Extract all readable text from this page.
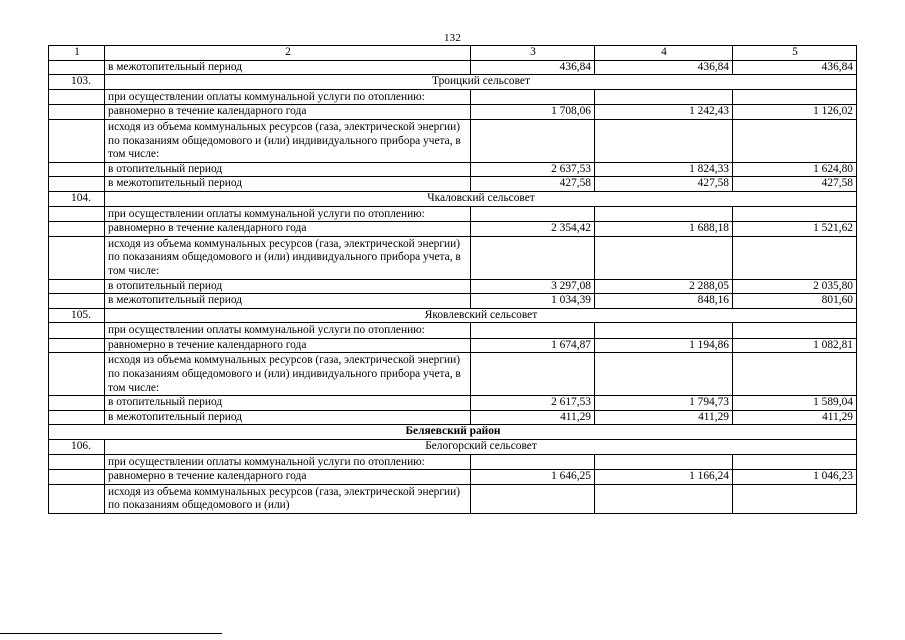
132
1	2	3	4	5
	в межотопительный период	436,84	436,84	436,84
103.	Троицкий сельсовет			
	при осуществлении оплаты коммунальной услуги по отоплению:			
	равномерно в течение календарного года	1 708,06	1 242,43	1 126,02
	исходя из объема коммунальных ресурсов (газа, электрической энергии) по показаниям общедомового и (или) индивидуального прибора учета, в том числе:			
	в отопительный период	2 637,53	1 824,33	1 624,80
	в межотопительный период	427,58	427,58	427,58
104.	Чкаловский сельсовет			
	при осуществлении оплаты коммунальной услуги по отоплению:			
	равномерно в течение календарного года	2 354,42	1 688,18	1 521,62
	исходя из объема коммунальных ресурсов (газа, электрической энергии) по показаниям общедомового и (или) индивидуального прибора учета, в том числе:			
	в отопительный период	3 297,08	2 288,05	2 035,80
	в межотопительный период	1 034,39	848,16	801,60
105.	Яковлевский сельсовет			
	при осуществлении оплаты коммунальной услуги по отоплению:			
	равномерно в течение календарного года	1 674,87	1 194,86	1 082,81
	исходя из объема коммунальных ресурсов (газа, электрической энергии) по показаниям общедомового и (или) индивидуального прибора учета, в том числе:			
	в отопительный период	2 617,53	1 794,73	1 589,04
	в межотопительный период	411,29	411,29	411,29
Беляевский район				
106.	Белогорский сельсовет			
	при осуществлении оплаты коммунальной услуги по отоплению:			
	равномерно в течение календарного года	1 646,25	1 166,24	1 046,23
	исходя из объема коммунальных ресурсов (газа, электрической энергии) по показаниям общедомового и (или)			
